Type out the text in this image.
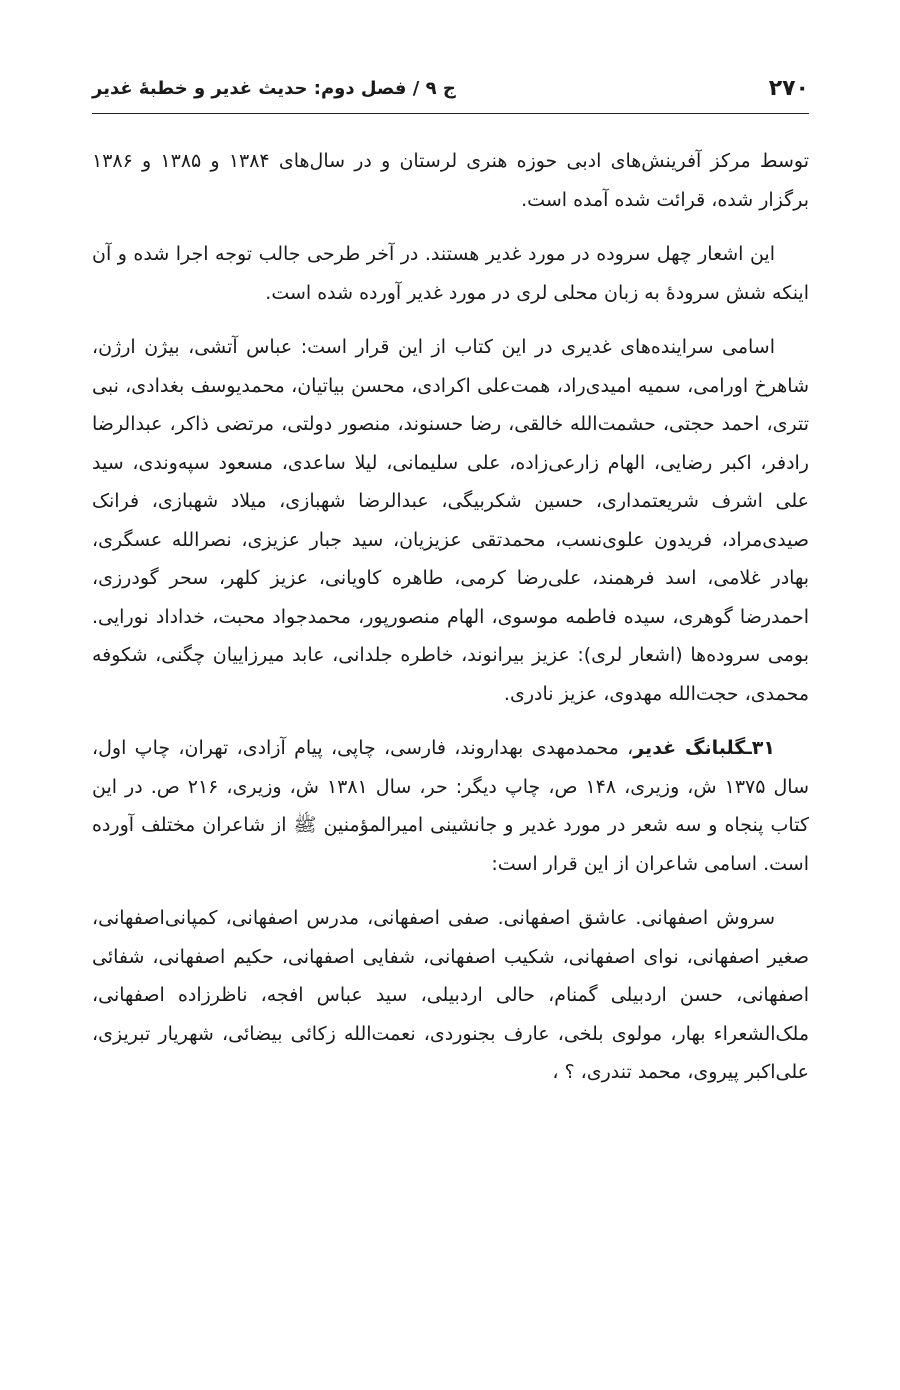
۲۷۰
ج ۹ / فصل دوم: حدیث غدیر و خطبهٔ غدیر

توسط مرکز آفرینش‌های ادبی حوزه هنری لرستان و در سال‌های ۱۳۸۴ و ۱۳۸۵ و ۱۳۸۶ برگزار شده، قرائت شده آمده است.

این اشعار چهل سروده در مورد غدیر هستند. در آخر طرحی جالب توجه اجرا شده و آن اینکه شش سرودهٔ به زبان محلی لری در مورد غدیر آورده شده است.

اسامی سرایندەهای غدیری در این کتاب از این قرار است: عباس آتشی، بیژن ارژن، شاهرخ اورامی، سمیه امیدی‌راد، همت‌علی اکرادی، محسن بیاتیان، محمدیوسف بغدادی، نبی تتری، احمد حجتی، حشمت‌الله خالقی، رضا حسنوند، منصور دولتی، مرتضی ذاکر، عبدالرضا رادفر، اکبر رضایی، الهام زارعی‌زاده، علی سلیمانی، لیلا ساعدی، مسعود سپه‌وندی، سید علی اشرف شریعتمداری، حسین شکربیگی، عبدالرضا شهبازی، میلاد شهبازی، فرانک صیدی‌مراد، فریدون علوی‌نسب، محمدتقی عزیزیان، سید جبار عزیزی، نصرالله عسگری، بهادر غلامی، اسد فرهمند، علی‌رضا کرمی، طاهره کاویانی، عزیز کلهر، سحر گودرزی، احمدرضا گوهری، سیده فاطمه موسوی، الهام منصورپور، محمدجواد محبت، خداداد نورایی. بومی سرودەها (اشعار لری): عزیز بیرانوند، خاطره جلدانی، عابد میرزاییان چگنی، شکوفه محمدی، حجت‌الله مهدوی، عزیز نادری.

۳۱ـگلبانگ غدیر، محمدمهدی بهداروند، فارسی، چاپی، پیام آزادی، تهران، چاپ اول، سال ۱۳۷۵ ش، وزیری، ۱۴۸ ص، چاپ دیگر: حر، سال ۱۳۸۱ ش، وزیری، ۲۱۶ ص. در این کتاب پنجاه و سه شعر در مورد غدیر و جانشینی امیرالمؤمنین ﷺ از شاعران مختلف آورده است. اسامی شاعران از این قرار است:

سروش اصفهانی. عاشق اصفهانی. صفی اصفهانی، مدرس اصفهانی، کمپانی‌اصفهانی، صغیر اصفهانی، نوای اصفهانی، شکیب اصفهانی، شفایی اصفهانی، حکیم اصفهانی، شفائی اصفهانی، حسن اردبیلی گمنام، حالی اردبیلی، سید عباس افجه، ناظرزاده اصفهانی، ملک‌الشعراء بهار، مولوی بلخی، عارف بجنوردی، نعمت‌الله زکائی بیضائی، شهریار تبریزی، علی‌اکبر پیروی، محمد تندری، ؟ ،
